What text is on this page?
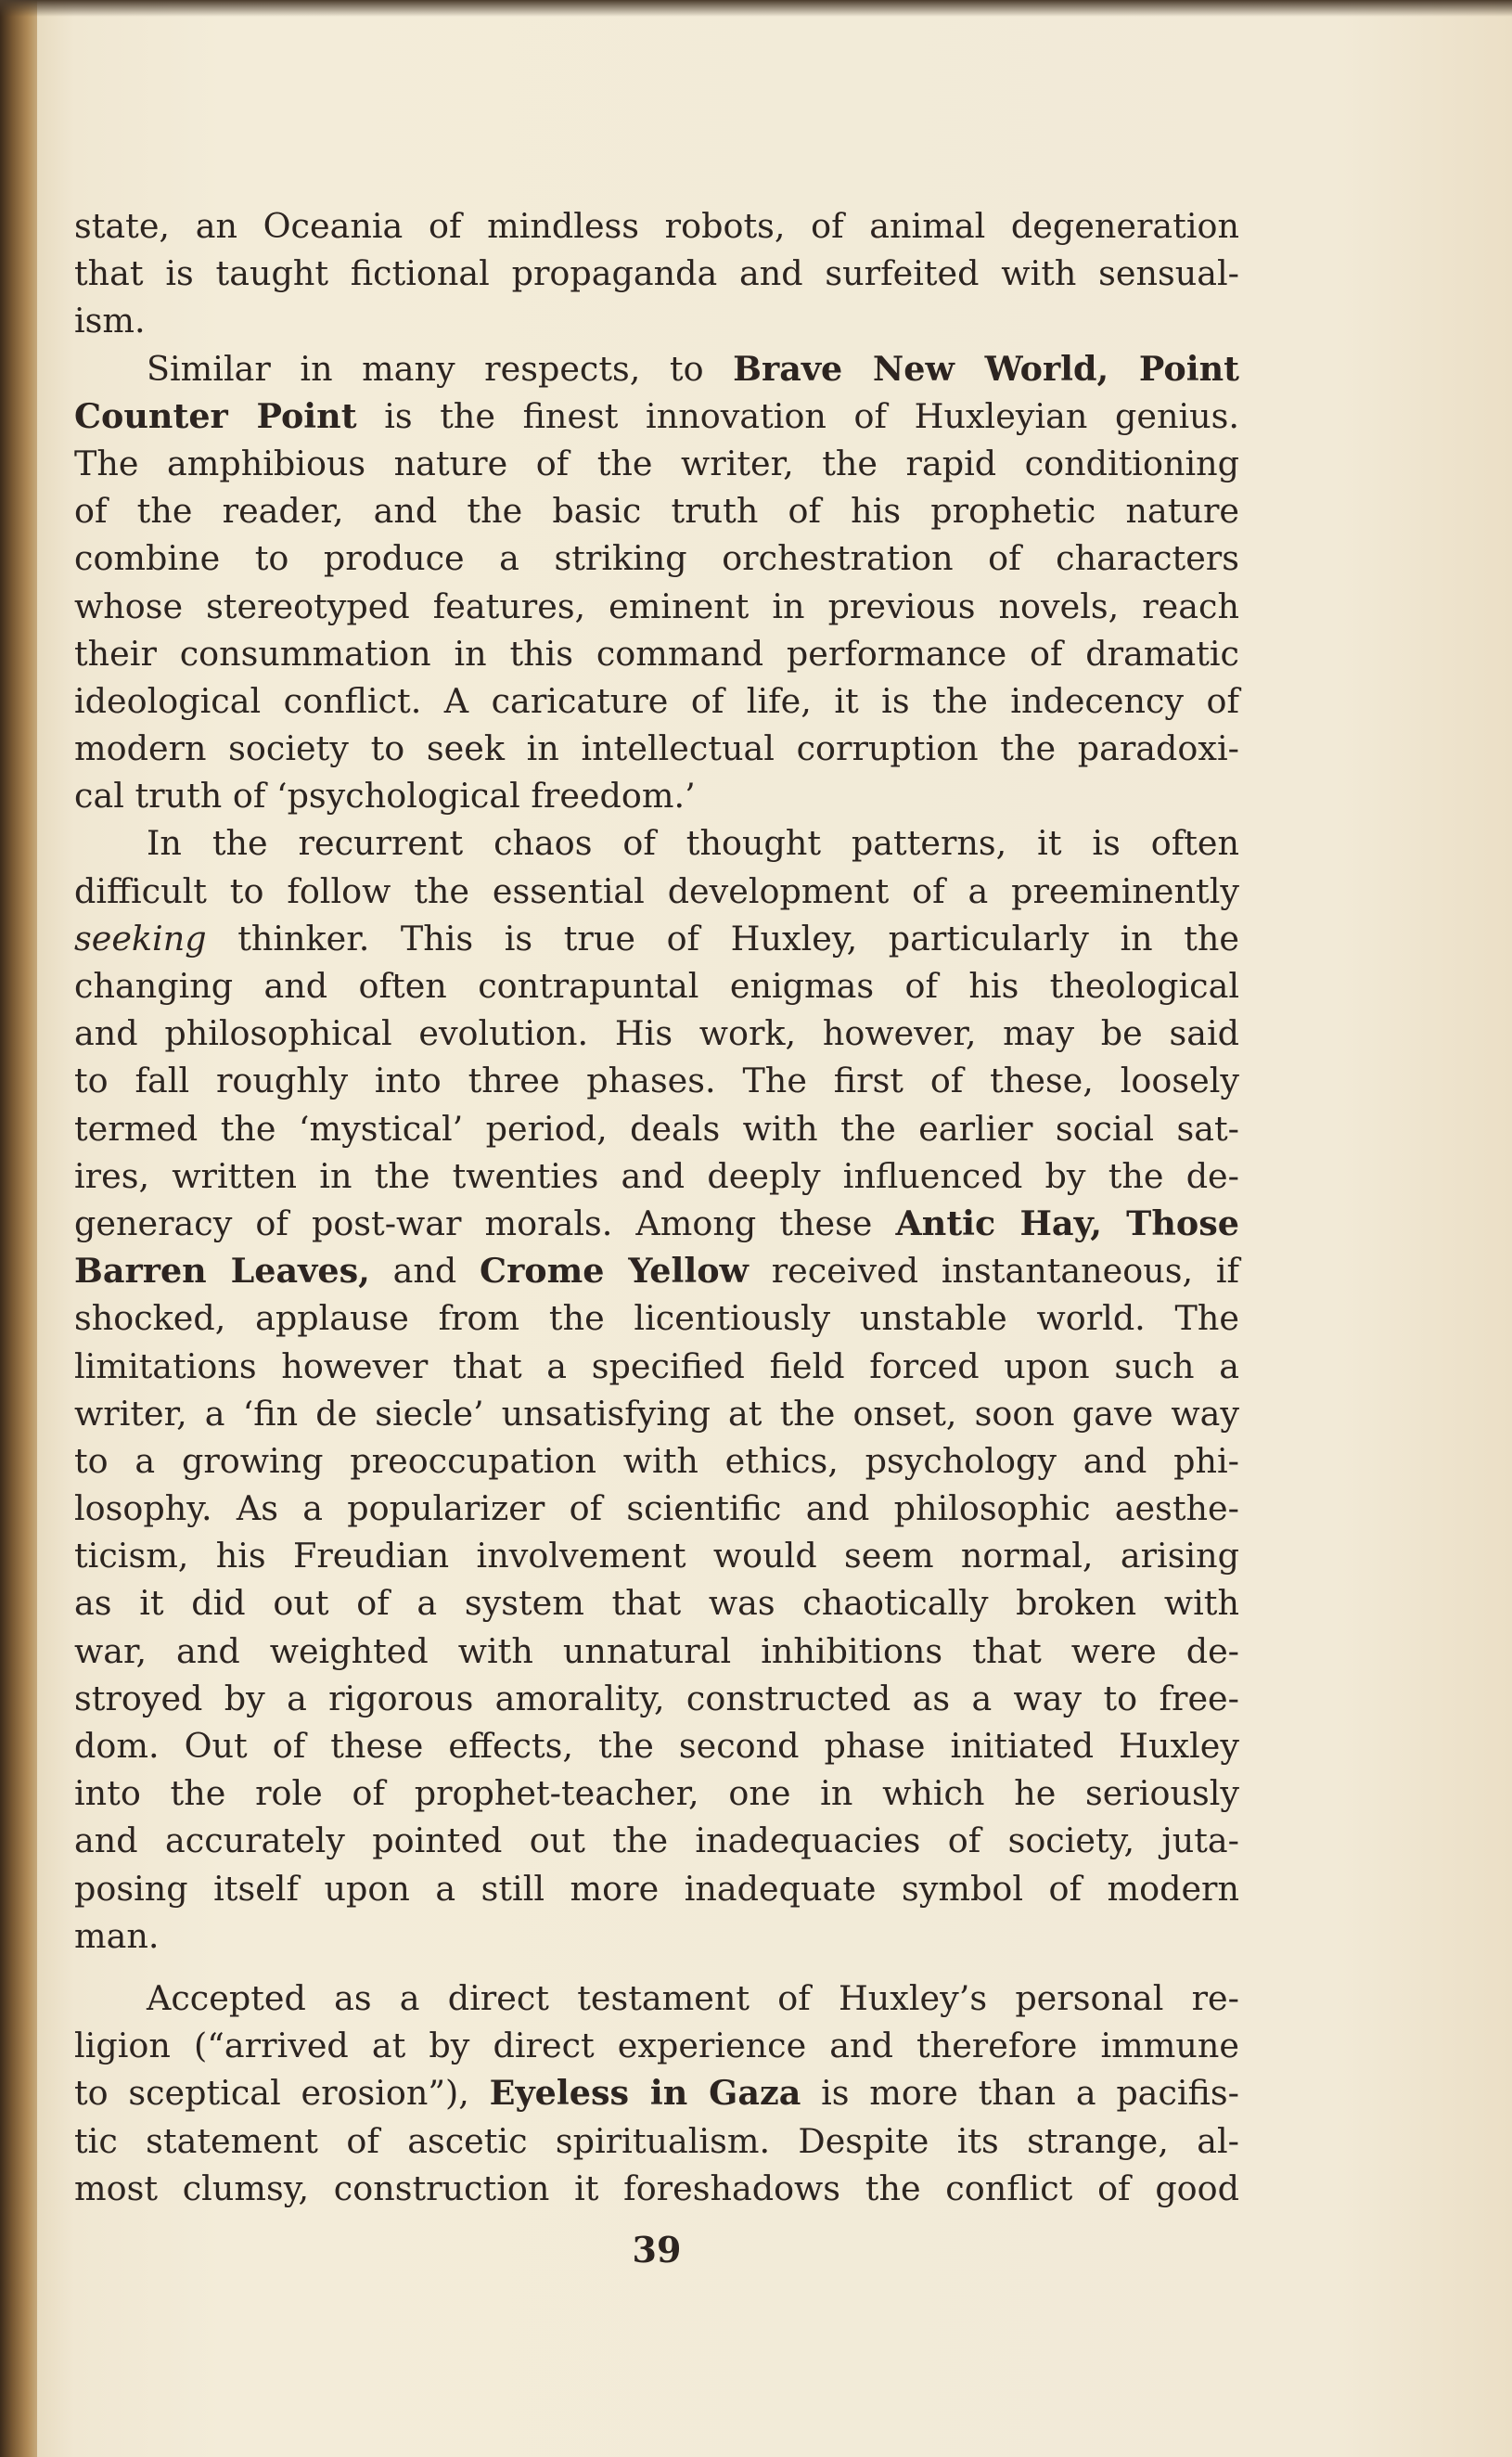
state, an Oceania of mindless robots, of animal degeneration
that is taught fictional propaganda and surfeited with sensual-
ism.
Similar in many respects, to Brave New World, Point
Counter Point is the finest innovation of Huxleyian genius.
The amphibious nature of the writer, the rapid conditioning
of the reader, and the basic truth of his prophetic nature
combine to produce a striking orchestration of characters
whose stereotyped features, eminent in previous novels, reach
their consummation in this command performance of dramatic
ideological conflict. A caricature of life, it is the indecency of
modern society to seek in intellectual corruption the paradoxi-
cal truth of ‘psychological freedom.’
In the recurrent chaos of thought patterns, it is often
difficult to follow the essential development of a preeminently
seeking thinker. This is true of Huxley, particularly in the
changing and often contrapuntal enigmas of his theological
and philosophical evolution. His work, however, may be said
to fall roughly into three phases. The first of these, loosely
termed the ‘mystical’ period, deals with the earlier social sat-
ires, written in the twenties and deeply influenced by the de-
generacy of post-war morals. Among these Antic Hay, Those
Barren Leaves, and Crome Yellow received instantaneous, if
shocked, applause from the licentiously unstable world. The
limitations however that a specified field forced upon such a
writer, a ‘fin de siecle’ unsatisfying at the onset, soon gave way
to a growing preoccupation with ethics, psychology and phi-
losophy. As a popularizer of scientific and philosophic aesthe-
ticism, his Freudian involvement would seem normal, arising
as it did out of a system that was chaotically broken with
war, and weighted with unnatural inhibitions that were de-
stroyed by a rigorous amorality, constructed as a way to free-
dom. Out of these effects, the second phase initiated Huxley
into the role of prophet-teacher, one in which he seriously
and accurately pointed out the inadequacies of society, juta-
posing itself upon a still more inadequate symbol of modern
man.
Accepted as a direct testament of Huxley’s personal re-
ligion (“arrived at by direct experience and therefore immune
to sceptical erosion”), Eyeless in Gaza is more than a pacifis-
tic statement of ascetic spiritualism. Despite its strange, al-
most clumsy, construction it foreshadows the conflict of good
39
